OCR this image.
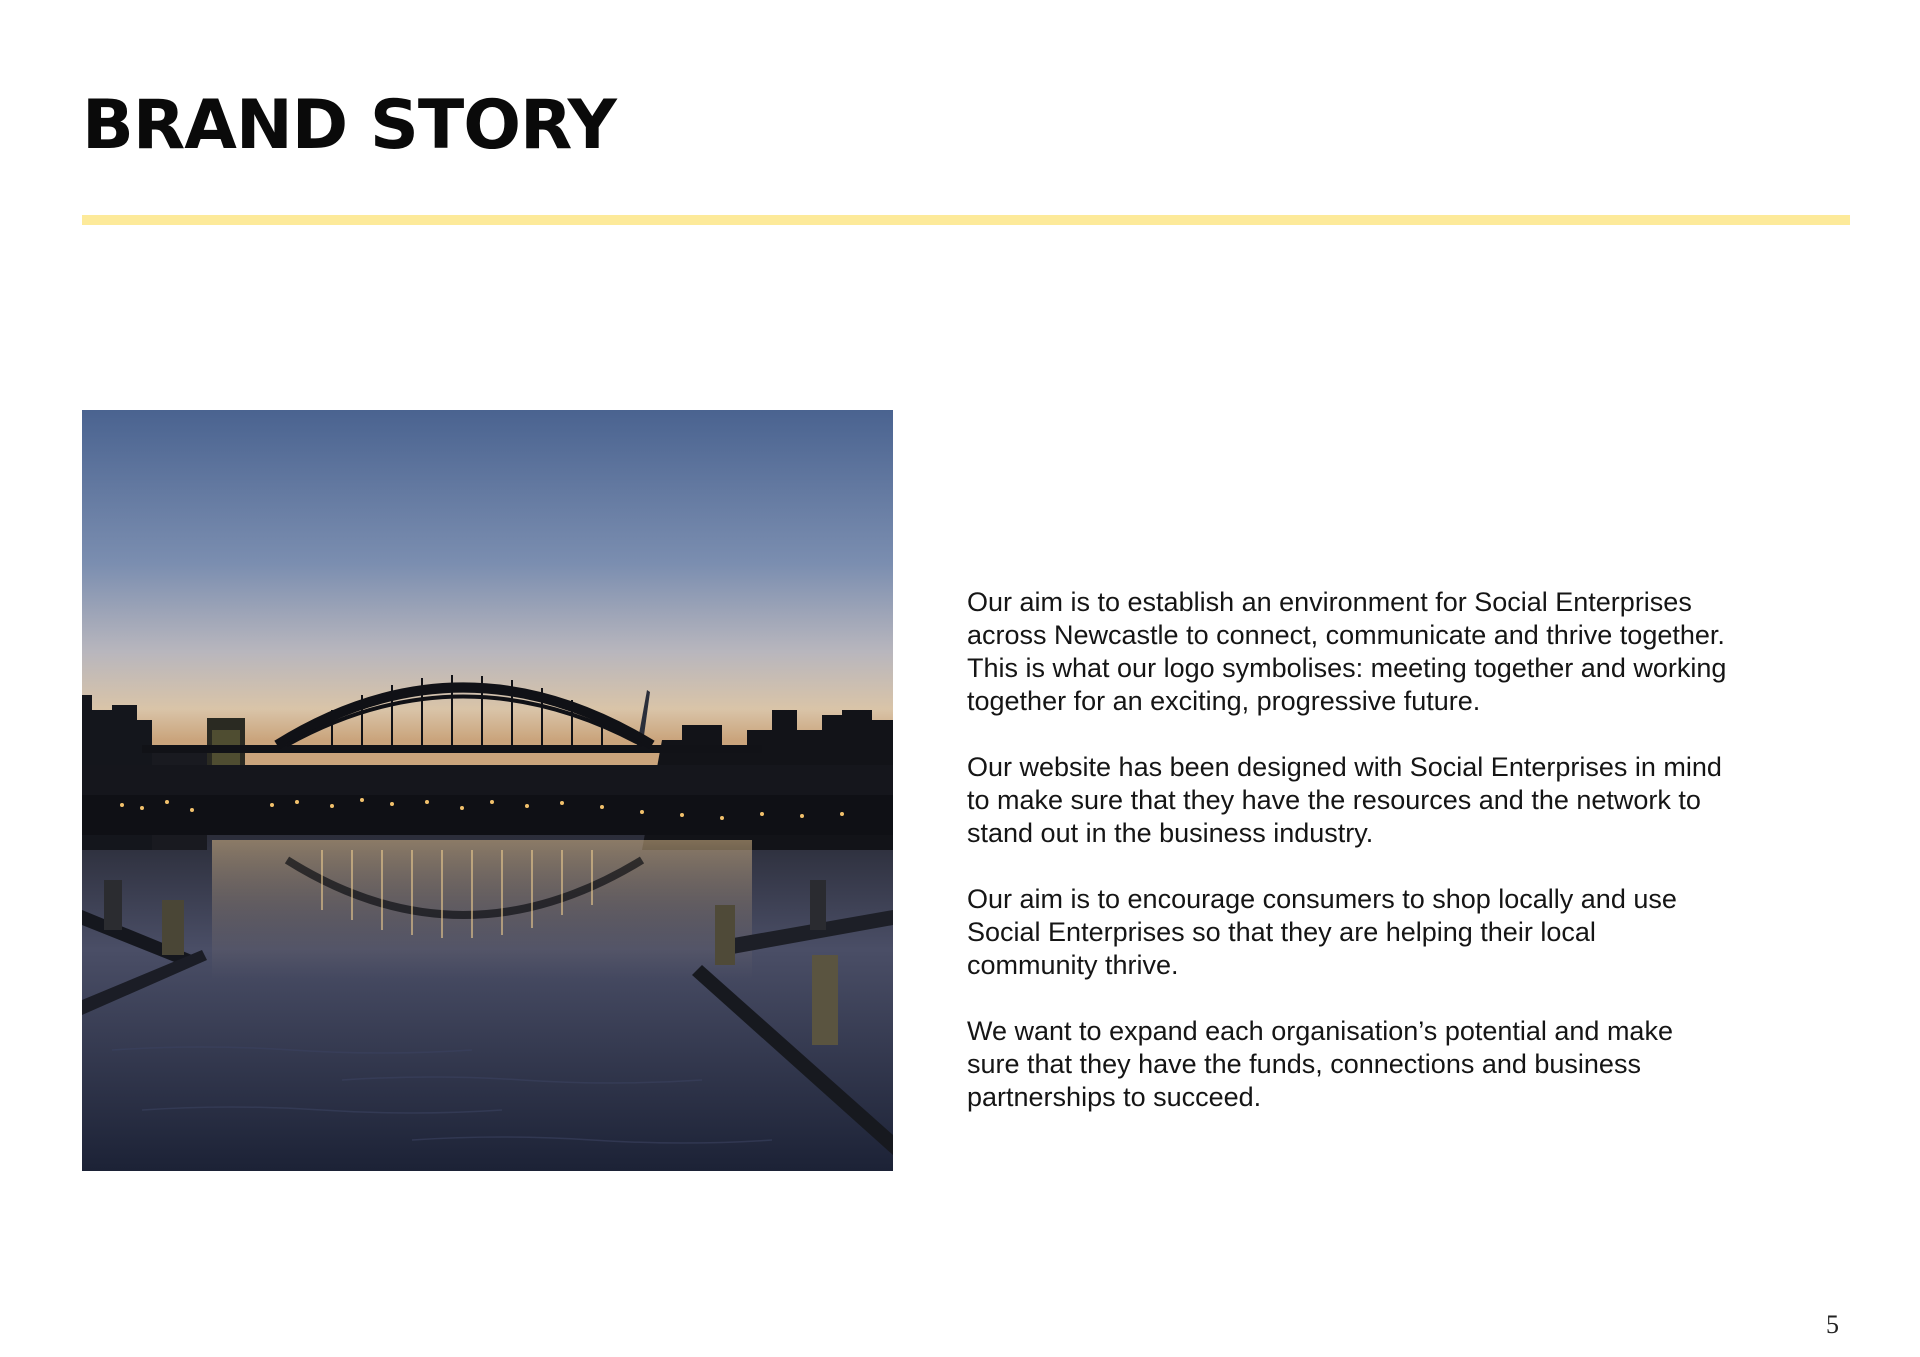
BRAND STORY

Our aim is to establish an environment for Social Enterprises across Newcastle to connect, communicate and thrive together. This is what our logo symbolises: meeting together and working together for an exciting, progressive future.

Our website has been designed with Social Enterprises in mind to make sure that they have the resources and the network to stand out in the business industry.

Our aim is to encourage consumers to shop locally and use Social Enterprises so that they are helping their local community thrive.

We want to expand each organisation’s potential and make sure that they have the funds, connections and business partnerships to succeed.

5
